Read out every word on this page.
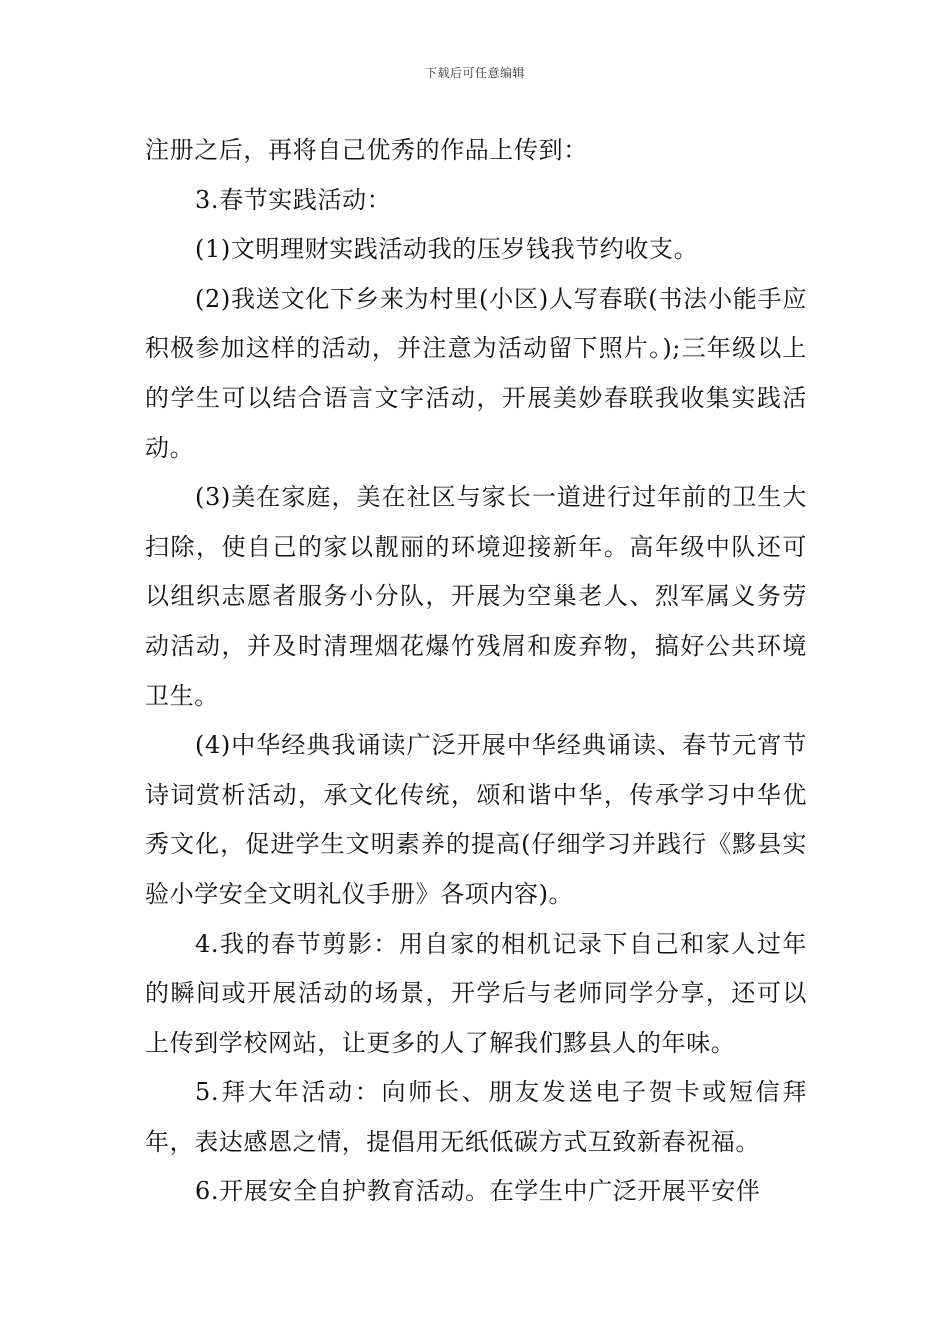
下载后可任意编辑

注册之后，再将自己优秀的作品上传到：

3.春节实践活动：

(1)文明理财实践活动我的压岁钱我节约收支。

(2)我送文化下乡来为村里(小区)人写春联(书法小能手应积极参加这样的活动，并注意为活动留下照片。);三年级以上的学生可以结合语言文字活动，开展美妙春联我收集实践活动。

(3)美在家庭，美在社区与家长一道进行过年前的卫生大扫除，使自己的家以靓丽的环境迎接新年。高年级中队还可以组织志愿者服务小分队，开展为空巢老人、烈军属义务劳动活动，并及时清理烟花爆竹残屑和废弃物，搞好公共环境卫生。

(4)中华经典我诵读广泛开展中华经典诵读、春节元宵节诗词赏析活动，承文化传统，颂和谐中华，传承学习中华优秀文化，促进学生文明素养的提高(仔细学习并践行《黟县实验小学安全文明礼仪手册》各项内容)。

4.我的春节剪影：用自家的相机记录下自己和家人过年的瞬间或开展活动的场景，开学后与老师同学分享，还可以上传到学校网站，让更多的人了解我们黟县人的年味。

5.拜大年活动：向师长、朋友发送电子贺卡或短信拜年，表达感恩之情，提倡用无纸低碳方式互致新春祝福。

6.开展安全自护教育活动。在学生中广泛开展平安伴
